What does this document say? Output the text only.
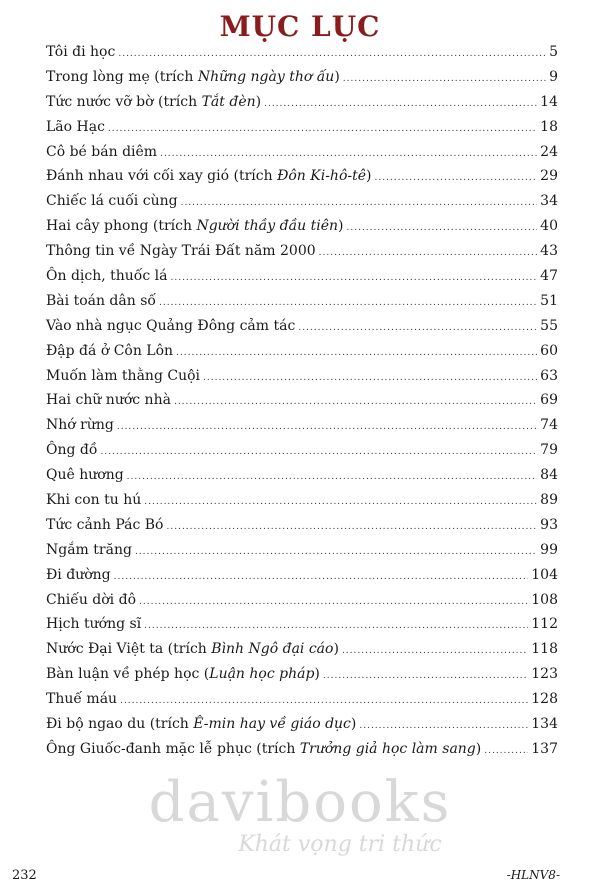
MỤC LỤC
Tôi đi học .....	5
Trong lòng mẹ (trích Những ngày thơ ấu) .....	9
Tức nước vỡ bờ (trích Tắt đèn) .....	14
Lão Hạc .....	18
Cô bé bán diêm .....	24
Đánh nhau với cối xay gió (trích Đôn Ki-hô-tê) .....	29
Chiếc lá cuối cùng .....	34
Hai cây phong (trích Người thầy đầu tiên) .....	40
Thông tin về Ngày Trái Đất năm 2000 .....	43
Ôn dịch, thuốc lá .....	47
Bài toán dân số .....	51
Vào nhà ngục Quảng Đông cảm tác .....	55
Đập đá ở Côn Lôn .....	60
Muốn làm thằng Cuội .....	63
Hai chữ nước nhà .....	69
Nhớ rừng .....	74
Ông đồ .....	79
Quê hương .....	84
Khi con tu hú .....	89
Tức cảnh Pác Bó .....	93
Ngắm trăng .....	99
Đi đường .....	104
Chiếu dời đô .....	108
Hịch tướng sĩ .....	112
Nước Đại Việt ta (trích Bình Ngô đại cáo) .....	118
Bàn luận về phép học (Luận học pháp) .....	123
Thuế máu .....	128
Đi bộ ngao du (trích Ê-min hay về giáo dục) .....	134
Ông Giuốc-đanh mặc lễ phục (trích Trưởng giả học làm sang) .....	137
davibooks
Khát vọng tri thức
232	-HLNV8-
